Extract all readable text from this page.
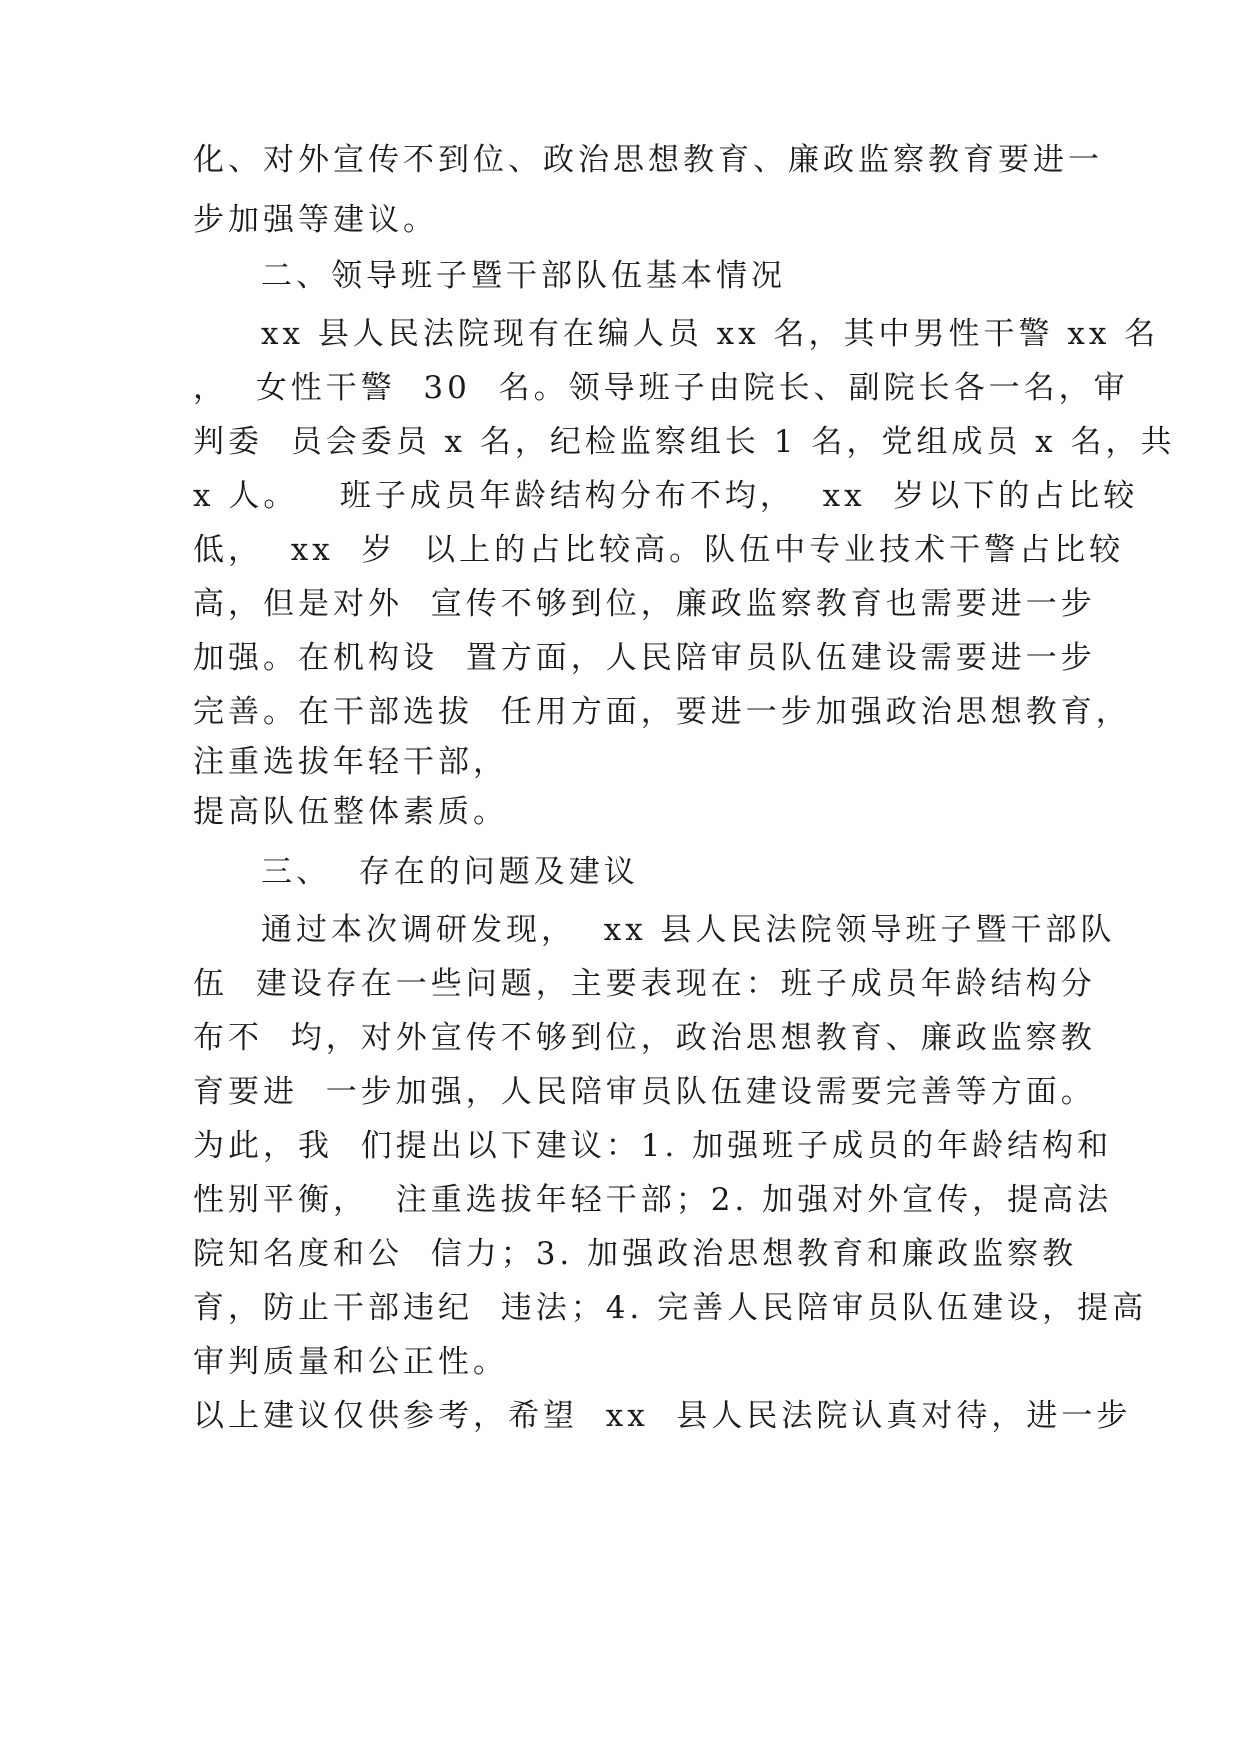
化、对外宣传不到位、政治思想教育、廉政监察教育要进一
步加强等建议。
二、领导班子暨干部队伍基本情况
xx 县人民法院现有在编人员 xx 名，其中男性干警 xx 名
，  女性干警  30  名。领导班子由院长、副院长各一名，审
判委  员会委员 x 名，纪检监察组长 1 名，党组成员 x 名，共
x 人。   班子成员年龄结构分布不均，  xx  岁以下的占比较
低，  xx  岁  以上的占比较高。队伍中专业技术干警占比较
高，但是对外  宣传不够到位，廉政监察教育也需要进一步
加强。在机构设  置方面，人民陪审员队伍建设需要进一步
完善。在干部选拔  任用方面，要进一步加强政治思想教育，
注重选拔年轻干部，
提高队伍整体素质。
三、  存在的问题及建议
通过本次调研发现，  xx 县人民法院领导班子暨干部队
伍  建设存在一些问题，主要表现在：班子成员年龄结构分
布不  均，对外宣传不够到位，政治思想教育、廉政监察教
育要进  一步加强，人民陪审员队伍建设需要完善等方面。
为此，我  们提出以下建议：1. 加强班子成员的年龄结构和
性别平衡，  注重选拔年轻干部；2. 加强对外宣传，提高法
院知名度和公  信力；3. 加强政治思想教育和廉政监察教
育，防止干部违纪  违法；4. 完善人民陪审员队伍建设，提高
审判质量和公正性。
以上建议仅供参考，希望  xx  县人民法院认真对待，进一步
